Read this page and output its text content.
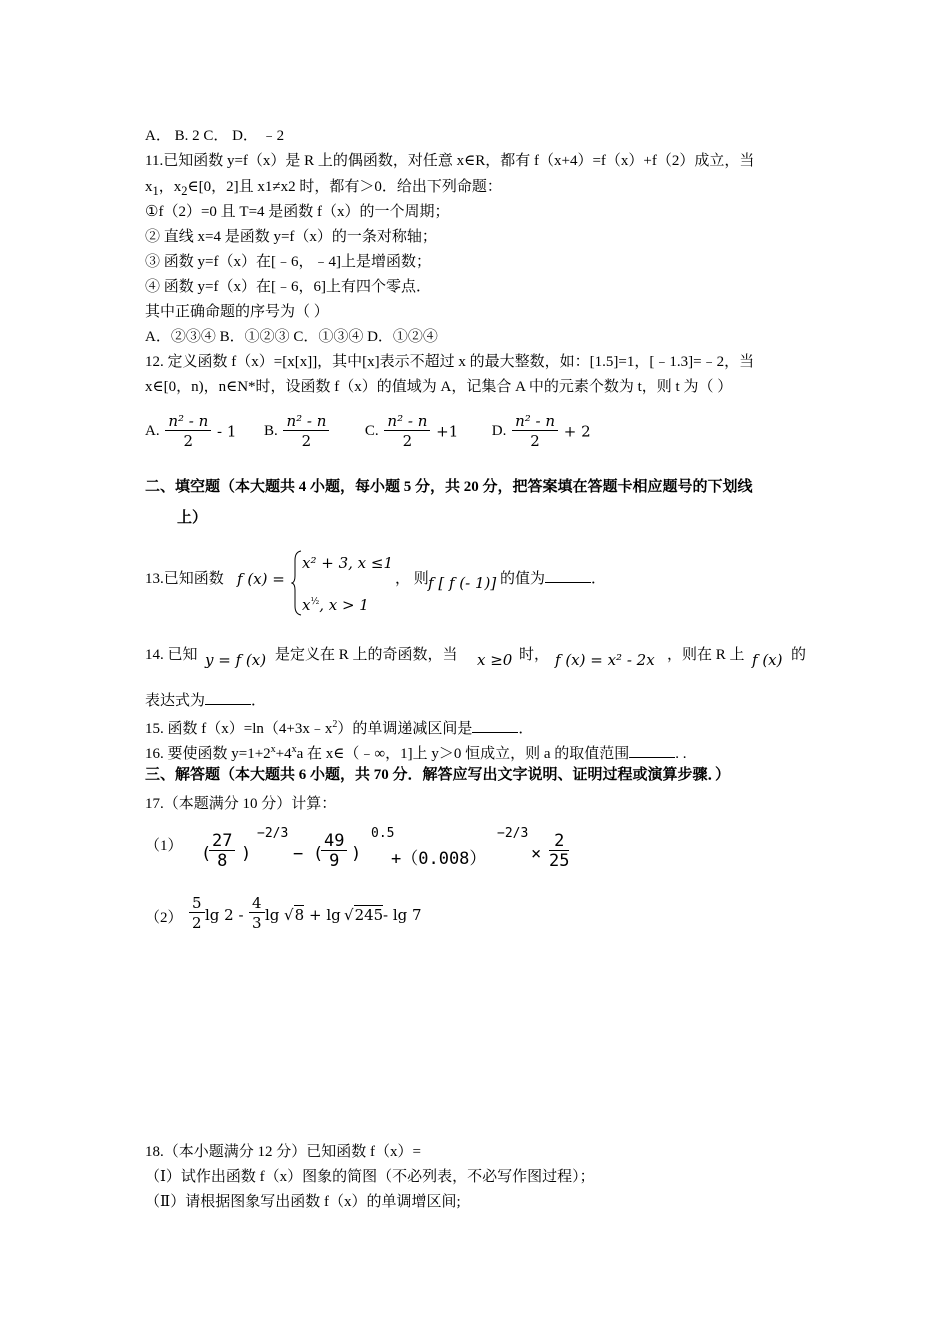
A． B. 2 C． D． ﹣2
11.已知函数 y=f（x）是 R 上的偶函数，对任意 x∈R，都有 f（x+4）=f（x）+f（2）成立，当
$x_1$，$x_2\in[0$，2]且 x1≠x2 时，都有＞0．给出下列命题：
①f（2）=0 且 T=4 是函数 f（x）的一个周期；
② 直线 x=4 是函数 y=f（x）的一条对称轴；
③ 函数 y=f（x）在[﹣6，﹣4]上是增函数；
④ 函数 y=f（x）在[﹣6，6]上有四个零点．
其中正确命题的序号为（ ）
A．②③④ B．①②③ C．①③④ D．①②④
12. 定义函数 f（x）=[x[x]]，其中[x]表示不超过 x 的最大整数，如：[1.5]=1，[﹣1.3]=﹣2，当
x∈[0，n)，n∈N*时，设函数 f（x）的值域为 A，记集合 A 中的元素个数为 t，则 t 为（ ）
A. $\frac{\text{n² - n}}{2} - 1$ B. $\frac{\text{n² - n}}{2} C$. $\frac{\text{n² - n}}{2} +1$ D. $\frac{\text{n² - n}}{2} + 2$
二、填空题（本大题共 4 小题，每小题 5 分，共 20 分，把答案填在答题卡相应题号的下划线
上）
13.已知函数 f (x) =
x² + 3, x ≤1
$x^{\frac{1}{2}}$, x > 1
， 则 f [ f (- 1)] 的值为	．
14. 已知 y = f (x) 是定义在 R 上的奇函数，当 x ≥0 时， f (x) = x² - 2x ，则在 R 上 f (x) 的
表达式为	．
15. 函数 $f(x)=\ln(4+3x﹣x^2)$的单调递减区间是	．
16. 要使函数 $y=1+2^x+4^xa$ 在 x∈（﹣∞，1]上 y＞0 恒成立，则 a 的取值范围	. .
三、解答题（本大题共 6 小题，共 70 分．解答应写出文字说明、证明过程或演算步骤．）
17.（本题满分 10 分）计算：
（1） (
$\frac{27}{8}$ )
−2/3
− (
$\frac{49}{9}$ )
0.5
+（0.008）
−2/3
× $\frac{2}{25}$
$(2) \frac{5}{2}$ $\lg 2 - \frac{4}{3}$ lg √8 + lg √245 - lg 7
18.（本小题满分 12 分）已知函数 f（x）=
（Ⅰ）试作出函数 f（x）图象的简图（不必列表，不必写作图过程）；
（Ⅱ）请根据图象写出函数 f（x）的单调增区间;
